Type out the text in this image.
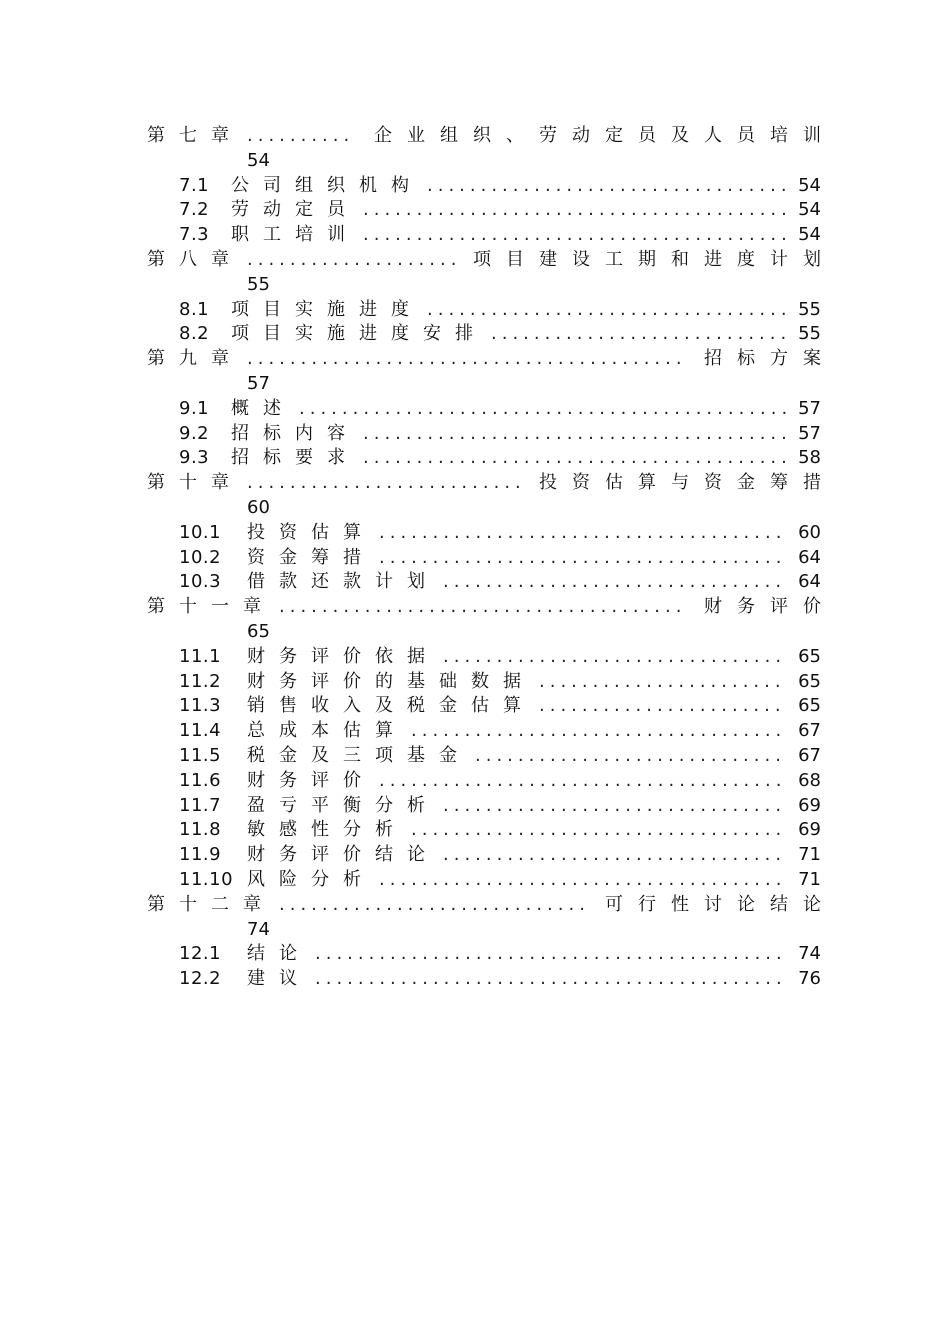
第七章 .....	企业组织、劳动定员及人员培训
54
7.1	公司组织机构 .....	54
7.2	劳动定员 .....	54
7.3	职工培训 .....	54
第八章 .....	项目建设工期和进度计划
55
8.1	项目实施进度 .....	55
8.2	项目实施进度安排 .....	55
第九章 .....	招标方案
57
9.1	概述 .....	57
9.2	招标内容 .....	57
9.3	招标要求 .....	58
第十章 .....	投资估算与资金筹措
60
10.1	投资估算 .....	60
10.2	资金筹措 .....	64
10.3	借款还款计划 .....	64
第十一章 .....	财务评价
65
11.1	财务评价依据 .....	65
11.2	财务评价的基础数据 .....	65
11.3	销售收入及税金估算 .....	65
11.4	总成本估算 .....	67
11.5	税金及三项基金 .....	67
11.6	财务评价 .....	68
11.7	盈亏平衡分析 .....	69
11.8	敏感性分析 .....	69
11.9	财务评价结论 .....	71
11.10 风险分析 .....	71
第十二章 .....	可行性讨论结论
74
12.1	结论 .....	74
12.2	建议 .....	76
